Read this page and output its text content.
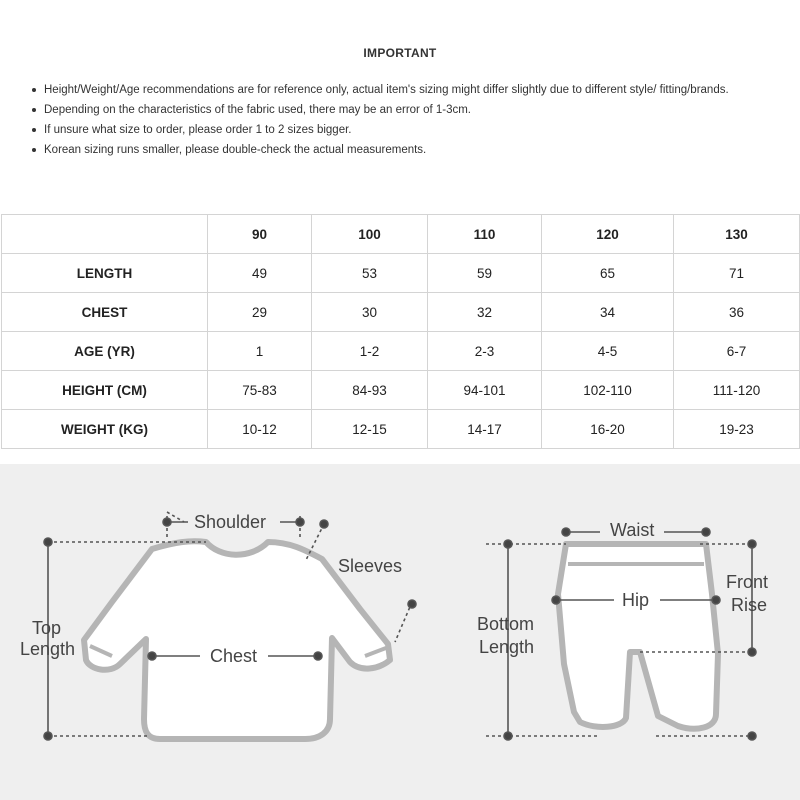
IMPORTANT
Height/Weight/Age recommendations are for reference only, actual item's sizing might differ slightly due to different style/ fitting/brands.
Depending on the characteristics of the fabric used, there may be an error of 1-3cm.
If unsure what size to order, please order 1 to 2 sizes bigger.
Korean sizing runs smaller, please double-check the actual measurements.
	90	100	110	120	130
LENGTH	49	53	59	65	71
CHEST	29	30	32	34	36
AGE (YR)	1	1-2	2-3	4-5	6-7
HEIGHT (CM)	75-83	84-93	94-101	102-110	111-120
WEIGHT (KG)	10-12	12-15	14-17	16-20	19-23
Shoulder
Sleeves
Top
Length	Chest
Waist
Front
Rise
Hip
Bottom
Length
